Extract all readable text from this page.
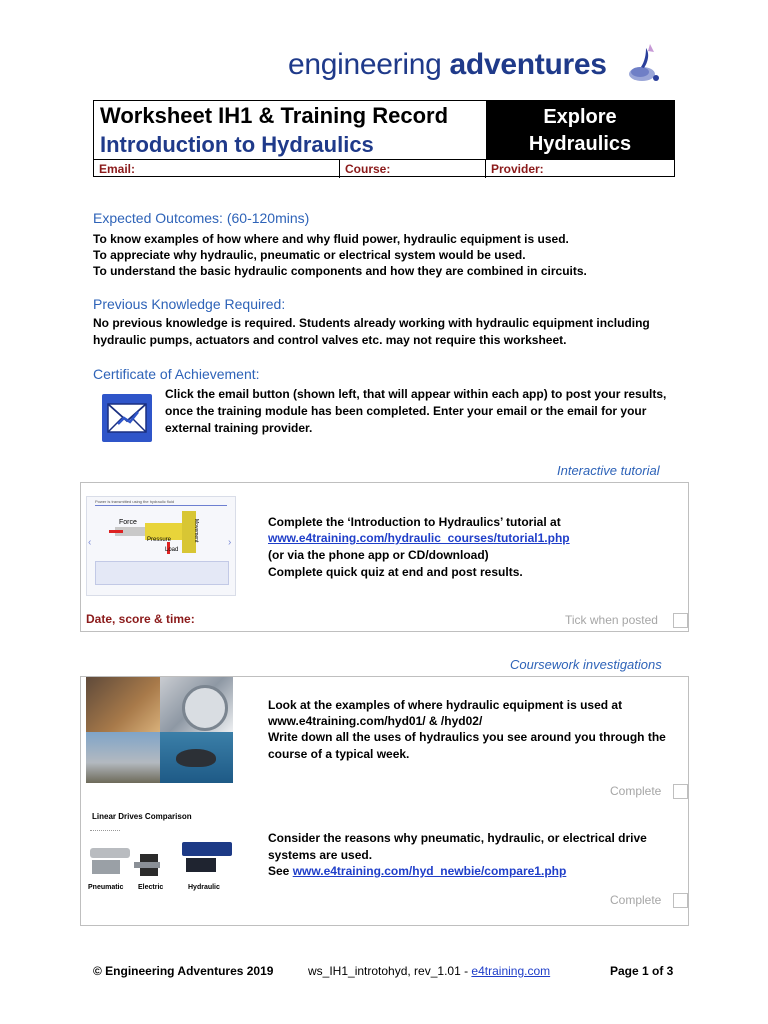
engineering adventures
Worksheet IH1 & Training Record
Introduction to Hydraulics
Explore
Hydraulics
Email:	Course:	Provider:
Expected Outcomes: (60-120mins)
To know examples of how where and why fluid power, hydraulic equipment is used.
To appreciate why hydraulic, pneumatic or electrical system would be used.
To understand the basic hydraulic components and how they are combined in circuits.
Previous Knowledge Required:
No previous knowledge is required. Students already working with hydraulic equipment including hydraulic pumps, actuators and control valves etc. may not require this worksheet.
Certificate of Achievement:
Click the email button (shown left, that will appear within each app) to post your results, once the training module has been completed. Enter your email or the email for your external training provider.
Interactive tutorial
Power is transmitted using the hydraulic fluid
Force
Pressure
Load
Movement
‹	›
Complete the ‘Introduction to Hydraulics’ tutorial at
www.e4training.com/hydraulic_courses/tutorial1.php
(or via the phone app or CD/download)
Complete quick quiz at end and post results.
Date, score & time:	Tick when posted
Coursework investigations
Look at the examples of where hydraulic equipment is used at
www.e4training.com/hyd01/ & /hyd02/
Write down all the uses of hydraulics you see around you through the course of a typical week.
Complete
Linear Drives Comparison
Pneumatic Electric	Hydraulic
Consider the reasons why pneumatic, hydraulic, or electrical drive systems are used.
See www.e4training.com/hyd_newbie/compare1.php
Complete
© Engineering Adventures 2019	ws_IH1_introtohyd, rev_1.01 - e4training.com	Page 1 of 3
